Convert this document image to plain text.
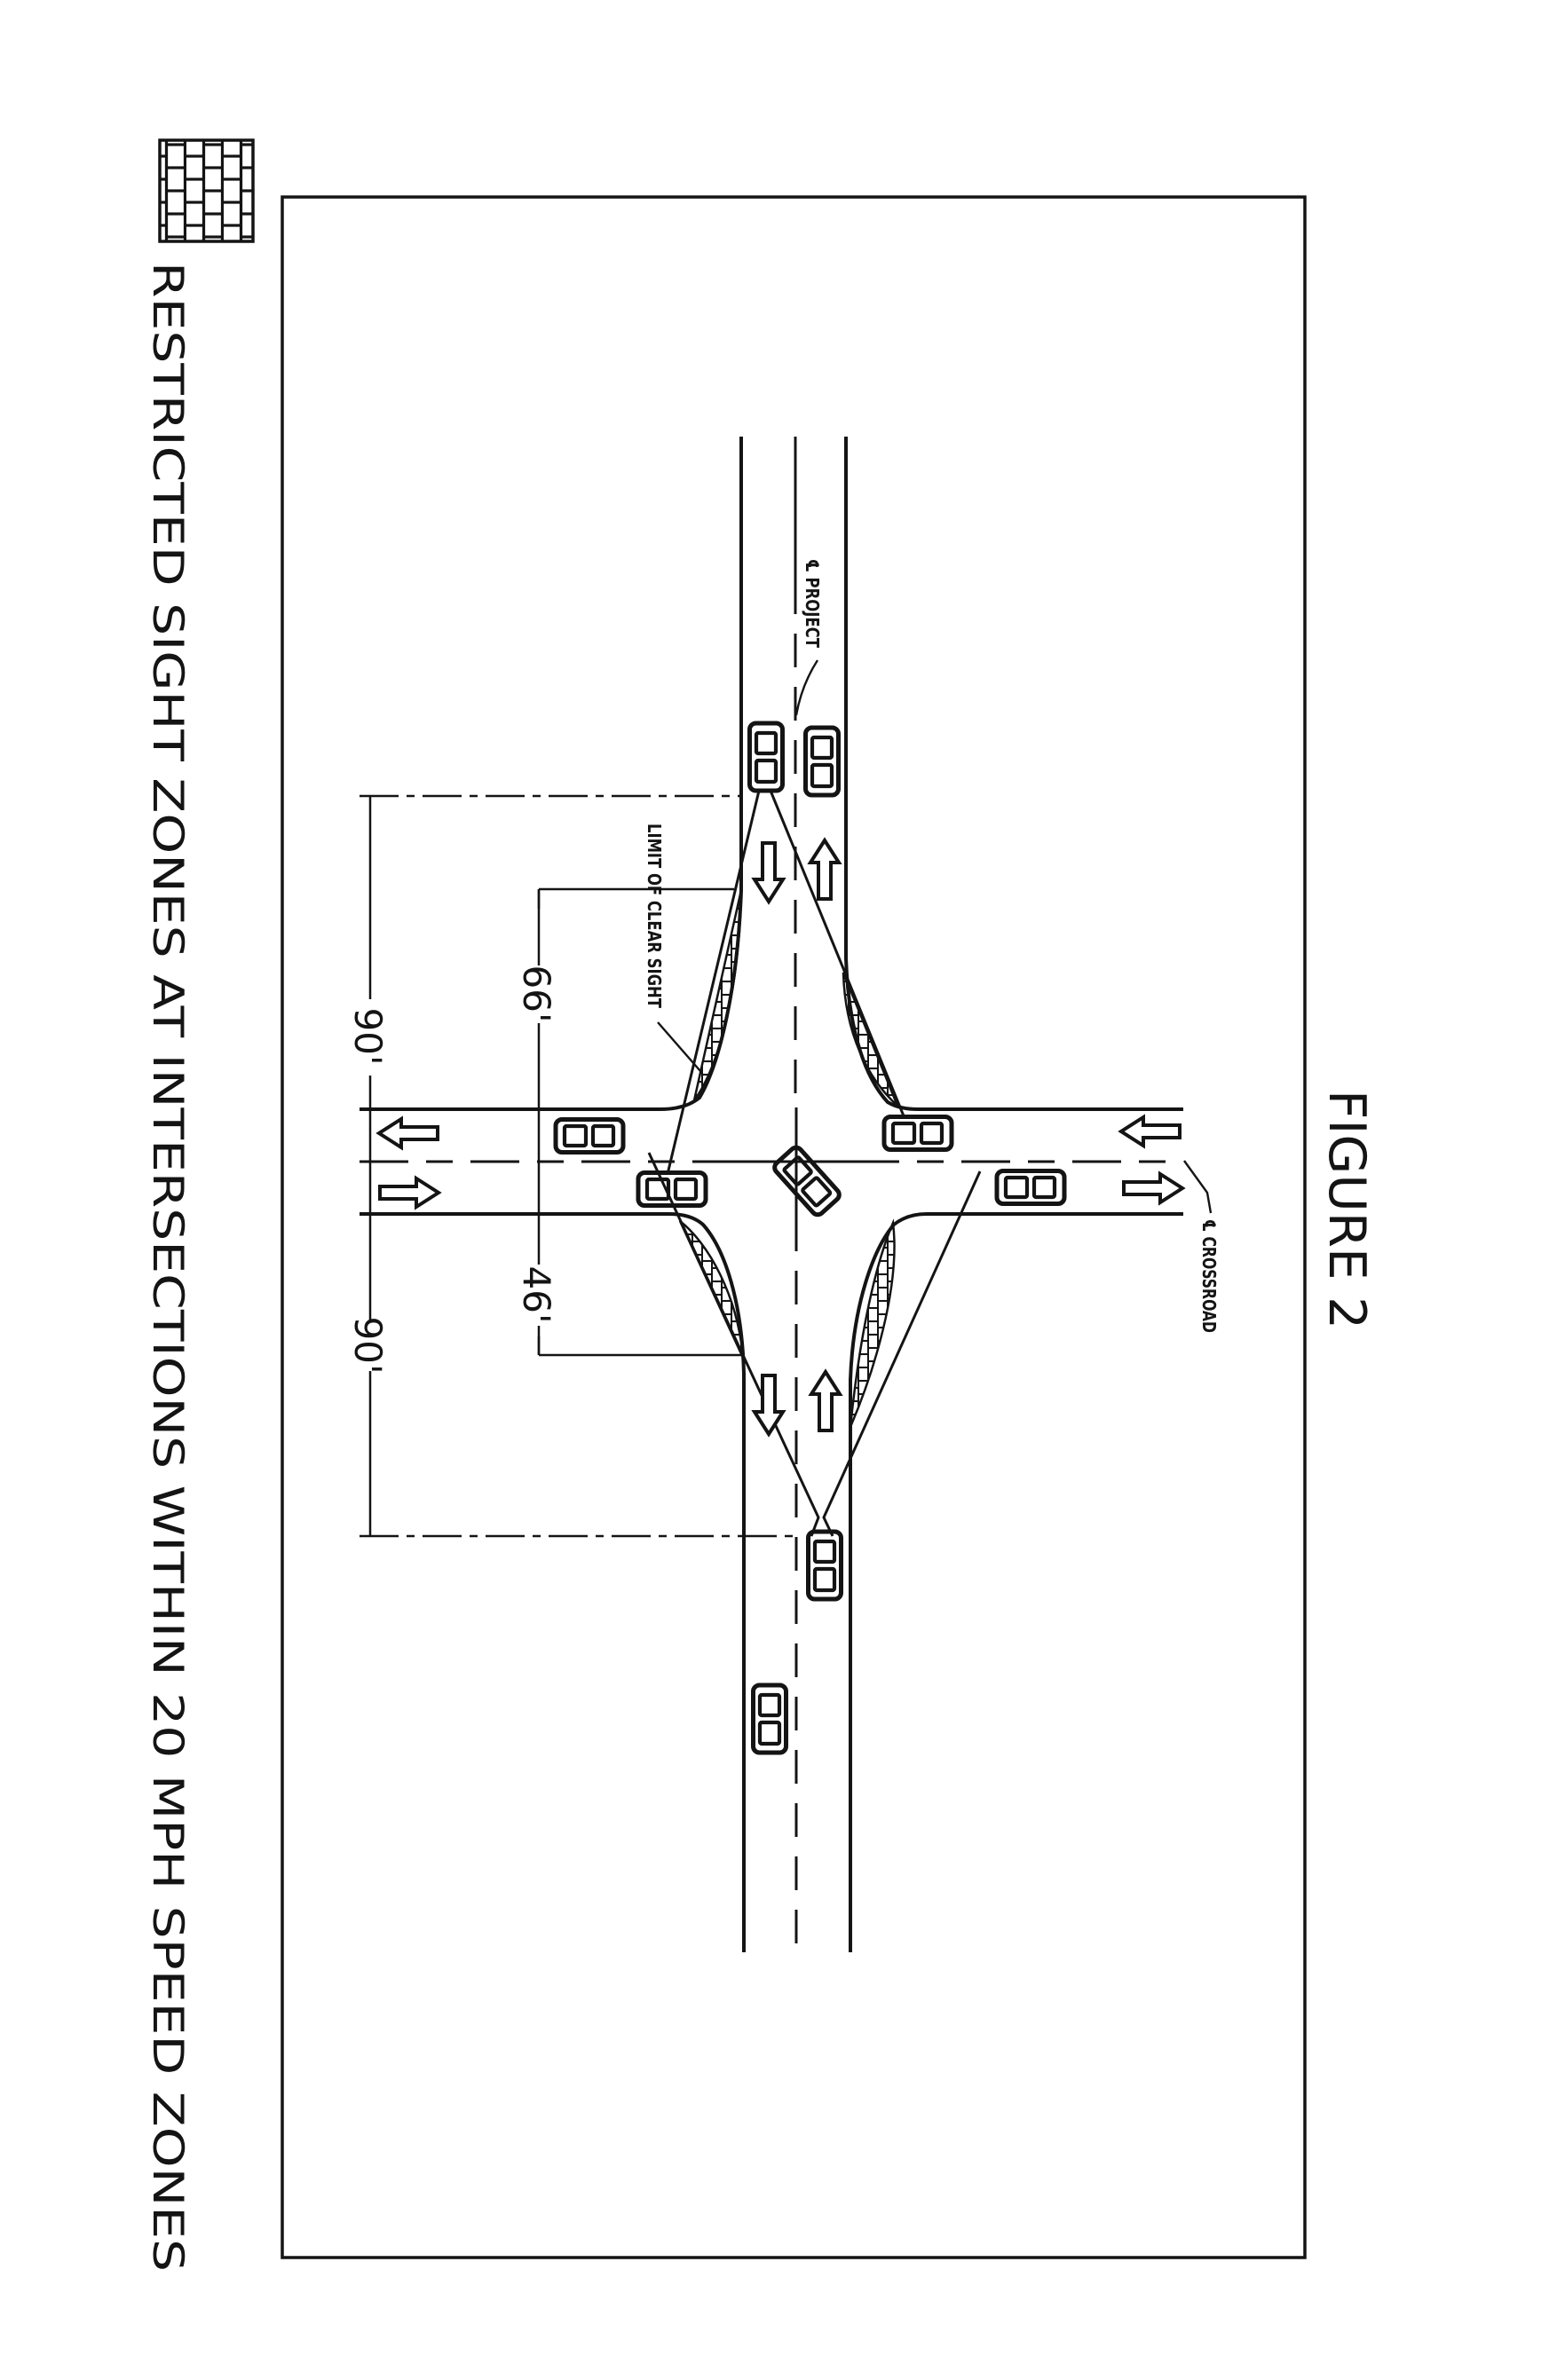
RESTRICTED SIGHT ZONES AT INTERSECTIONS WITHIN 20 MPH SPEED ZONES	FIGURE 2
90'
66'
46'
90'
℄ PROJECT
LIMIT OF CLEAR SIGHT
℄ CROSSROAD
